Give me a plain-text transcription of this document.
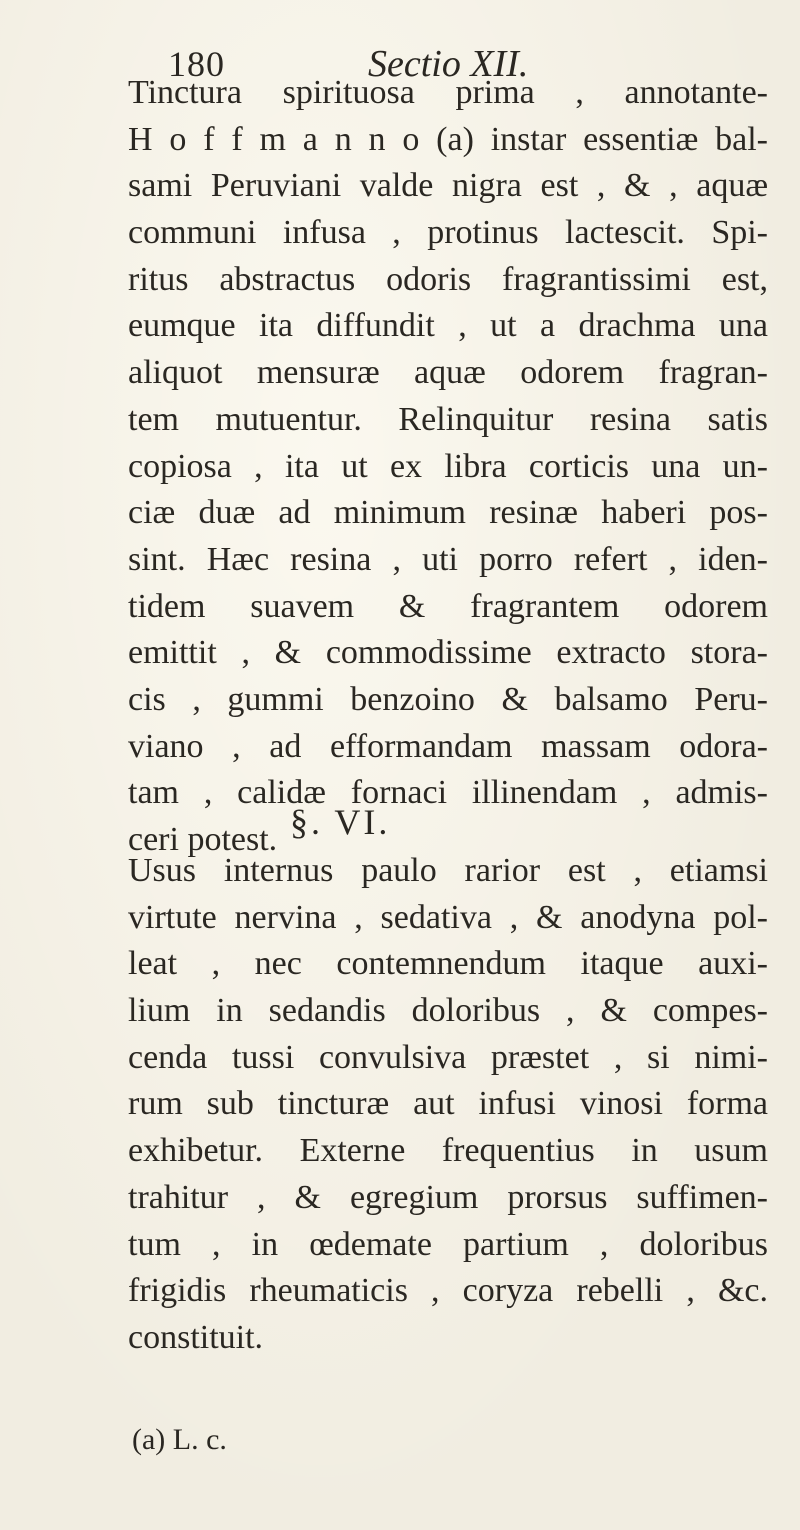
180	Sectio XII.
Tinctura spirituosa prima , annotante-
H o f f m a n n o (a) instar essentiæ bal-
sami Peruviani valde nigra est , & , aquæ
communi infusa , protinus lactescit. Spi-
ritus abstractus odoris fragrantissimi est,
eumque ita diffundit , ut a drachma una
aliquot mensuræ aquæ odorem fragran-
tem mutuentur. Relinquitur resina satis
copiosa , ita ut ex libra corticis una un-
ciæ duæ ad minimum resinæ haberi pos-
sint. Hæc resina , uti porro refert , iden-
tidem suavem & fragrantem odorem
emittit , & commodissime extracto stora-
cis , gummi benzoino & balsamo Peru-
viano , ad efformandam massam odora-
tam , calidæ fornaci illinendam , admis-
ceri potest. §. VI.
Usus internus paulo rarior est , etiamsi
virtute nervina , sedativa , & anodyna pol-
leat , nec contemnendum itaque auxi-
lium in sedandis doloribus , & compes-
cenda tussi convulsiva præstet , si nimi-
rum sub tincturæ aut infusi vinosi forma
exhibetur. Externe frequentius in usum
trahitur , & egregium prorsus suffimen-
tum , in œdemate partium , doloribus
frigidis rheumaticis , coryza rebelli , &c.
constituit.
(a) L. c.
